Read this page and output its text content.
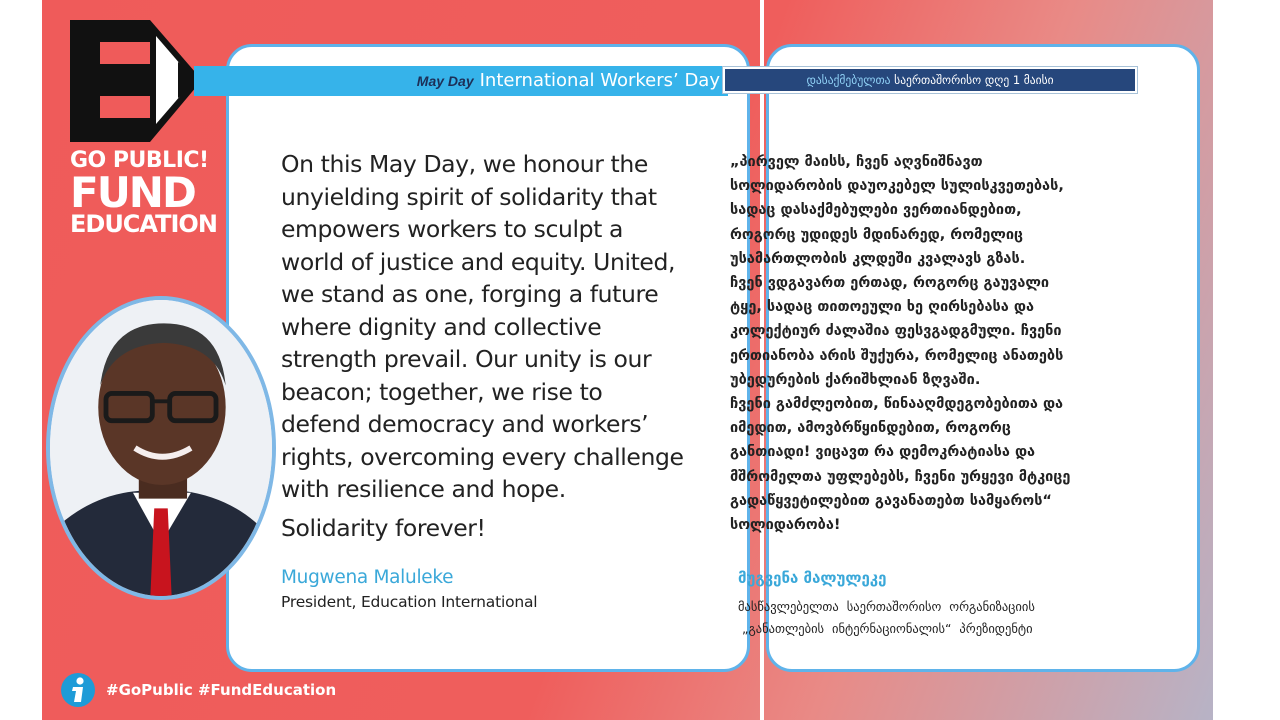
GO PUBLIC!
FUND
EDUCATION
May Day International Workers’ Day
#GoPublic #FundEducation
On this May Day, we honour the unyielding spirit of solidarity that empowers workers to sculpt a world of justice and equity. United, we stand as one, forging a future where dignity and collective strength prevail. Our unity is our beacon; together, we rise to defend democracy and workers’ rights, overcoming every challenge with resilience and hope.
Solidarity forever!
Mugwena Maluleke
President, Education International
დასაქმებულთა საერთაშორისო დღე 1 მაისი
„პირველ მაისს, ჩვენ აღვნიშნავთ
სოლიდარობის დაუოკებელ სულისკვეთებას,
სადაც დასაქმებულები ვერთიანდებით,
როგორც უდიდეს მდინარედ, რომელიც
უსამართლობის კლდეში კვალავს გზას.
ჩვენ ვდგავართ ერთად, როგორც გაუვალი
ტყე, სადაც თითოეული ხე ღირსებასა და
კოლექტიურ ძალაშია ფესვგადგმული. ჩვენი
ერთიანობა არის შუქურა, რომელიც ანათებს
უბედურების ქარიშხლიან ზღვაში.
ჩვენი გამძლეობით, წინააღმდეგობებითა და
იმედით, ამოვბრწყინდებით, როგორც
განთიადი! ვიცავთ რა დემოკრატიასა და
მშრომელთა უფლებებს, ჩვენი ურყევი მტკიცე
გადაწყვეტილებით გავანათებთ სამყაროს“
სოლიდარობა!
მუგვენა მალულეკე
მასწავლებელთა  საერთაშორისო  ორგანიზაციის
„განათლების  ინტერნაციონალის“  პრეზიდენტი
